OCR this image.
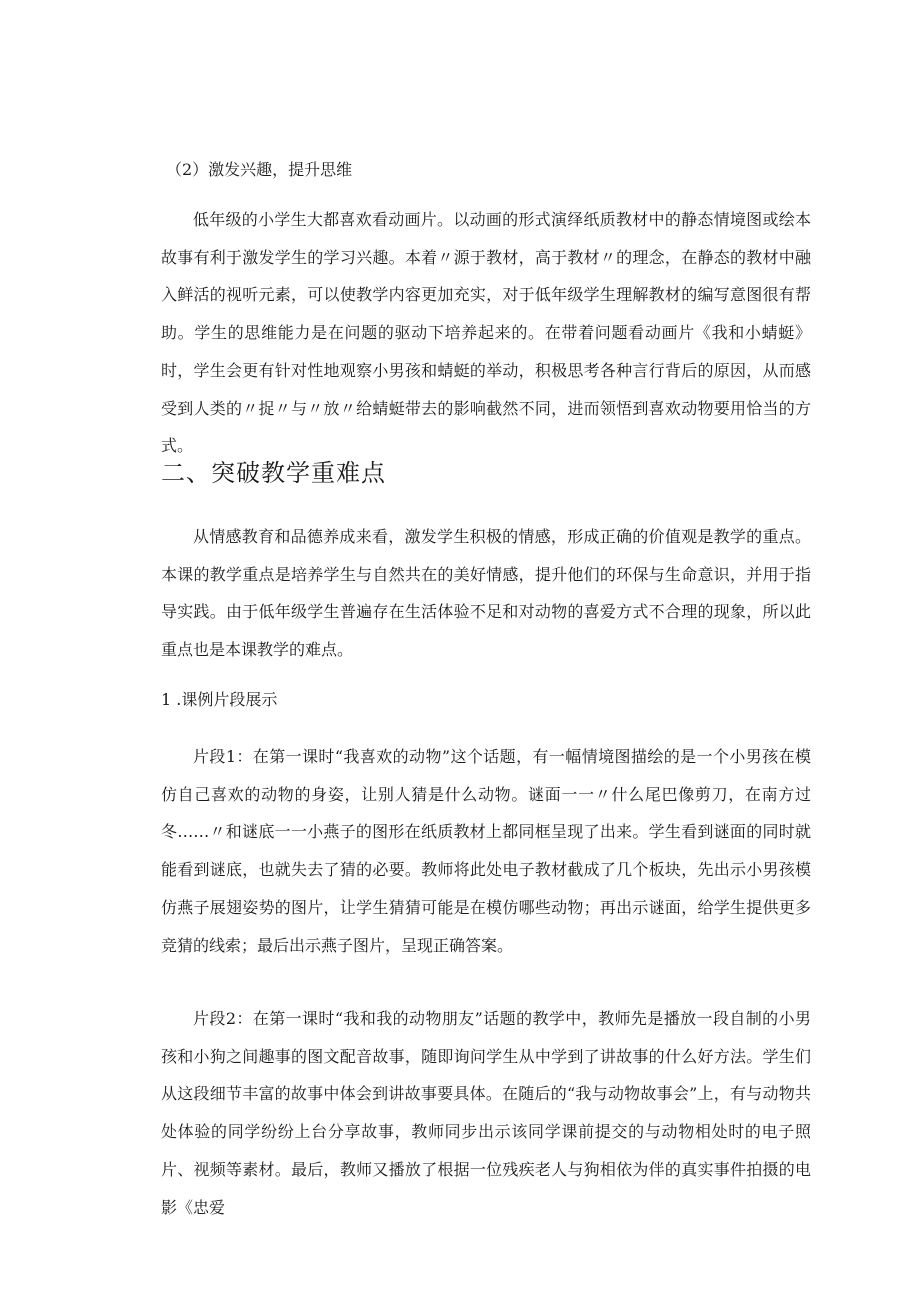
（2）激发兴趣，提升思维

低年级的小学生大都喜欢看动画片。以动画的形式演绎纸质教材中的静态情境图或绘本故事有利于激发学生的学习兴趣。本着〃源于教材，高于教材〃的理念，在静态的教材中融入鲜活的视听元素，可以使教学内容更加充实，对于低年级学生理解教材的编写意图很有帮助。学生的思维能力是在问题的驱动下培养起来的。在带着问题看动画片《我和小蜻蜓》时，学生会更有针对性地观察小男孩和蜻蜓的举动，积极思考各种言行背后的原因，从而感受到人类的〃捉〃与〃放〃给蜻蜓带去的影响截然不同，进而领悟到喜欢动物要用恰当的方式。

二、突破教学重难点

从情感教育和品德养成来看，激发学生积极的情感，形成正确的价值观是教学的重点。本课的教学重点是培养学生与自然共在的美好情感，提升他们的环保与生命意识，并用于指导实践。由于低年级学生普遍存在生活体验不足和对动物的喜爱方式不合理的现象，所以此重点也是本课教学的难点。

1 .课例片段展示

片段1：在第一课时“我喜欢的动物”这个话题，有一幅情境图描绘的是一个小男孩在模仿自己喜欢的动物的身姿，让别人猜是什么动物。谜面一一〃什么尾巴像剪刀，在南方过冬……〃和谜底一一小燕子的图形在纸质教材上都同框呈现了出来。学生看到谜面的同时就能看到谜底，也就失去了猜的必要。教师将此处电子教材截成了几个板块，先出示小男孩模仿燕子展翅姿势的图片，让学生猜猜可能是在模仿哪些动物；再出示谜面，给学生提供更多竞猜的线索；最后出示燕子图片，呈现正确答案。

片段2：在第一课时“我和我的动物朋友”话题的教学中，教师先是播放一段自制的小男孩和小狗之间趣事的图文配音故事，随即询问学生从中学到了讲故事的什么好方法。学生们从这段细节丰富的故事中体会到讲故事要具体。在随后的“我与动物故事会”上，有与动物共处体验的同学纷纷上台分享故事，教师同步出示该同学课前提交的与动物相处时的电子照片、视频等素材。最后，教师又播放了根据一位残疾老人与狗相依为伴的真实事件拍摄的电影《忠爱
